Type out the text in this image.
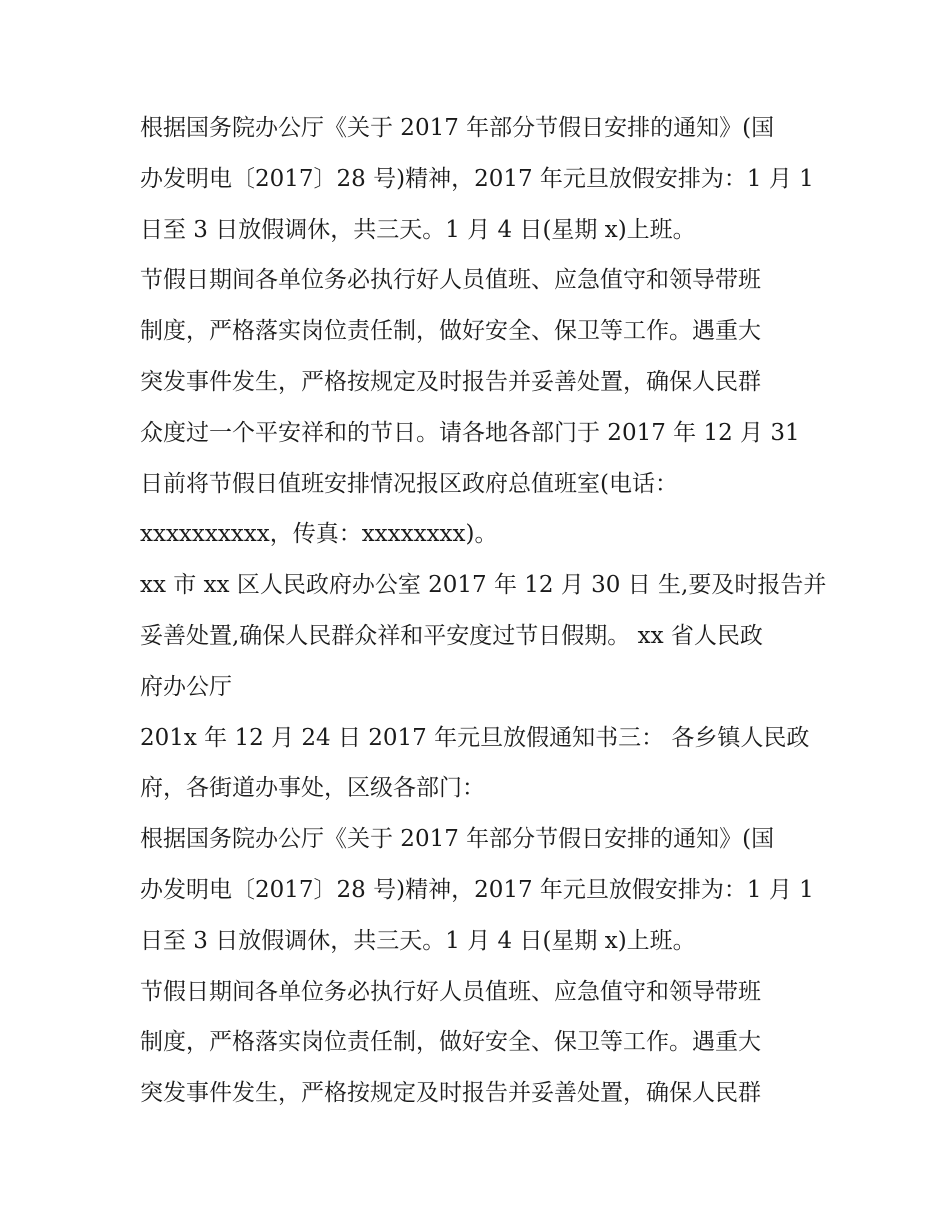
根据国务院办公厅《关于 2017 年部分节假日安排的通知》(国
办发明电〔2017〕28 号)精神，2017 年元旦放假安排为：1 月 1
日至 3 日放假调休，共三天。1 月 4 日(星期 x)上班。
节假日期间各单位务必执行好人员值班、应急值守和领导带班
制度，严格落实岗位责任制，做好安全、保卫等工作。遇重大
突发事件发生，严格按规定及时报告并妥善处置，确保人民群
众度过一个平安祥和的节日。请各地各部门于 2017 年 12 月 31
日前将节假日值班安排情况报区政府总值班室(电话：
xxxxxxxxxx，传真：xxxxxxxx)。
xx 市 xx 区人民政府办公室 2017 年 12 月 30 日 生,要及时报告并
妥善处置,确保人民群众祥和平安度过节日假期。 xx 省人民政
府办公厅
201x 年 12 月 24 日 2017 年元旦放假通知书三： 各乡镇人民政
府，各街道办事处，区级各部门：
根据国务院办公厅《关于 2017 年部分节假日安排的通知》(国
办发明电〔2017〕28 号)精神，2017 年元旦放假安排为：1 月 1
日至 3 日放假调休，共三天。1 月 4 日(星期 x)上班。
节假日期间各单位务必执行好人员值班、应急值守和领导带班
制度，严格落实岗位责任制，做好安全、保卫等工作。遇重大
突发事件发生，严格按规定及时报告并妥善处置，确保人民群
